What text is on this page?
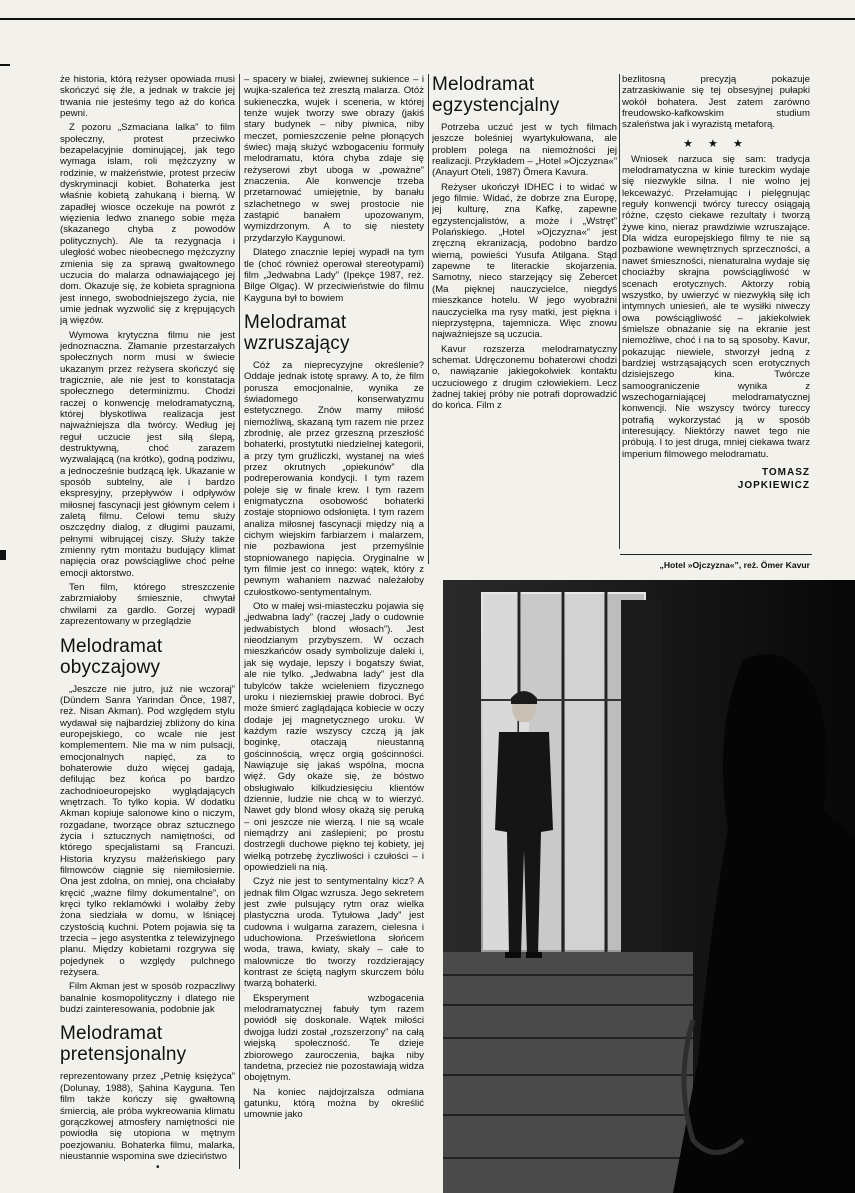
że historia, którą reżyser opowiada musi skończyć się źle, a jednak w trakcie jej trwania nie jesteśmy tego aż do końca pewni.

Z pozoru „Szmaciana lalka” to film społeczny, protest przeciwko bezapelacyjnie dominującej, jak tego wymaga islam, roli mężczyzny w rodzinie, w małżeństwie, protest przeciw dyskryminacji kobiet. Bohaterka jest właśnie kobietą zahukaną i bierną. W zapadłej wiosce oczekuje na powrót z więzienia ledwo znanego sobie męża (skazanego chyba z powodów politycznych). Ale ta rezygnacja i uległość wobec nieobecnego mężczyzny zmienia się za sprawą gwałtownego uczucia do malarza odnawiającego jej dom. Okazuje się, że kobieta spragniona jest innego, swobodniejszego życia, nie umie jednak wyzwolić się z krępujących ją więzów.

Wymowa krytyczna filmu nie jest jednoznaczna. Złamanie przestarzałych społecznych norm musi w świecie ukazanym przez reżysera skończyć się tragicznie, ale nie jest to konstatacja społecznego determinizmu. Chodzi raczej o konwencję melodramatyczną, której błyskotliwa realizacja jest najważniejsza dla twórcy. Według jej reguł uczucie jest siłą ślepą, destruktywną, choć zarazem wyzwalającą (na krótko), godną podziwu, a jednocześnie budzącą lęk. Ukazanie w sposób subtelny, ale i bardzo ekspresyjny, przepływów i odpływów miłosnej fascynacji jest głównym celem i zaletą filmu. Celowi temu służy oszczędny dialog, z długimi pauzami, pełnymi wibrującej ciszy. Służy także zmienny rytm montażu budujący klimat napięcia oraz powściągliwe choć pełne emocji aktorstwo.

Ten film, którego streszczenie zabrzmiałoby śmiesznie, chwytał chwilami za gardło. Gorzej wypadł zaprezentowany w przeglądzie

Melodramat obyczajowy

„Jeszcze nie jutro, już nie wczoraj” (Dündem Sanra Yarindan Önce, 1987, reż. Nisan Akman). Pod względem stylu wydawał się najbardziej zbliżony do kina europejskiego, co wcale nie jest komplementem. Nie ma w nim pulsacji, emocjonalnych napięć, za to bohaterowie dużo więcej gadają, defilując bez końca po bardzo zachodnioeuropejsko wyglądających wnętrzach. To tylko kopia. W dodatku Akman kopiuje salonowe kino o niczym, rozgadane, tworzące obraz sztucznego życia i sztucznych namiętności, od którego specjalistami są Francuzi. Historia kryzysu małżeńskiego pary filmowców ciągnie się niemiłosiernie. Ona jest zdolna, on mniej, ona chciałaby kręcić „ważne filmy dokumentalne”, on kręci tylko reklamówki i wolałby żeby żona siedziała w domu, w lśniącej czystością kuchni. Potem pojawia się ta trzecia – jego asystentka z telewizyjnego planu. Między kobietami rozgrywa się pojedynek o względy pulchnego reżysera.

Film Akman jest w sposób rozpaczliwy banalnie kosmopolityczny i dlatego nie budzi zainteresowania, podobnie jak

Melodramat pretensjonalny

reprezentowany przez „Petnię księżyca” (Dolunay, 1988), Şahina Kayguna. Ten film także kończy się gwałtowną śmiercią, ale próba wykreowania klimatu gorączkowej atmosfery namiętności nie powiodła się utopiona w mętnym poezjowaniu. Bohaterka filmu, malarka, nieustannie wspomina swe dzieciństwo

– spacery w białej, zwiewnej sukience – i wujka-szaleńca też zresztą malarza. Otóż sukieneczka, wujek i sceneria, w której tenże wujek tworzy swe obrazy (jakiś stary budynek – niby piwnica, niby meczet, pomieszczenie pełne płonących świec) mają służyć wzbogaceniu formuły melodramatu, która chyba zdaje się reżyserowi zbyt uboga w „poważne” znaczenia. Ale konwencje trzeba przetarnować umiejętnie, by banału szlachetnego w swej prostocie nie zastąpić banałem upozowanym, wymizdrzonym. A to się niestety przydarzyło Kaygunowi.

Dlatego znacznie lepiej wypadł na tym tle (choć również operował stereotypami) film „Jedwabna Lady” (Ipekçe 1987, reż. Bilge Olgaç). W przeciwieństwie do filmu Kayguna był to bowiem

Melodramat wzruszający

Cóż za nieprecyzyjne określenie? Oddaje jednak istotę sprawy. A to, że film porusza emocjonalnie, wynika ze świadomego konserwatyzmu estetycznego. Znów mamy miłość niemożliwą, skazaną tym razem nie przez zbrodnię, ale przez grzeszną przeszłość bohaterki, prostytutki niedzielnej kategorii, a przy tym gruźliczki, wystanej na wieś przez okrutnych „opiekunów” dla podreperowania kondycji. I tym razem poleje się w finale krew. I tym razem enigmatyczna osobowość bohaterki zostaje stopniowo odsłonięta. I tym razem analiza miłosnej fascynacji między nią a cichym wiejskim farbiarzem i malarzem, nie pozbawiona jest przemyślnie stopniowanego napięcia. Oryginalne w tym filmie jest co innego: wątek, który z pewnym wahaniem nazwać należałoby czułostkowo-sentymentalnym.

Oto w małej wsi-miasteczku pojawia się „jedwabna lady” (raczej „lady o cudownie jedwabistych blond włosach”). Jest nieodzianym przybyszem. W oczach mieszkańców osady symbolizuje daleki i, jak się wydaje, lepszy i bogatszy świat, ale nie tylko. „Jedwabna lady” jest dla tubylców także wcieleniem fizycznego uroku i nieziemskiej prawie dobroci. Być może śmierć zaglądająca kobiecie w oczy dodaje jej magnetycznego uroku. W każdym razie wszyscy czczą ją jak boginkę, otaczają nieustanną gościnnością, wręcz orgią gościnności. Nawiązuje się jakaś wspólna, mocna więź. Gdy okaże się, że bóstwo obsługiwało kilkudziesięciu klientów dziennie, ludzie nie chcą w to wierzyć. Nawet gdy blond włosy okażą się peruką – oni jeszcze nie wierzą. I nie są wcale niemądrzy ani zaślepieni; po prostu dostrzegli duchowe piękno tej kobiety, jej wielką potrzebę życzliwości i czułości – i opowiedzieli na nią.

Czyż nie jest to sentymentalny kicz? A jednak film Olgac wzrusza. Jego sekretem jest zwłe pulsujący rytm oraz wielka plastyczna uroda. Tytułowa „lady” jest cudowna i wulgarna zarazem, cielesna i uduchowiona. Prześwietlona słońcem woda, trawa, kwiaty, skały – całe to malownicze tło tworzy rozdzierający kontrast ze ściętą nagłym skurczem bólu twarzą bohaterki.

Eksperyment wzbogacenia melodramatycznej fabuły tym razem powiódł się doskonale. Wątek miłości dwojga ludzi został „rozszerzony” na całą wiejską społeczność. Te dzieje zbiorowego zauroczenia, bajka niby tandetna, przecież nie pozostawiają widza obojętnym.

Na koniec najdojrzalsza odmiana gatunku, którą można by określić umownie jako

Melodramat egzystencjalny

Potrzeba uczuć jest w tych filmach jeszcze boleśniej wyartykułowana, ale problem polega na niemożności jej realizacji. Przykładem – „Hotel »Ojczyzna«” (Anayurt Oteli, 1987) Ömera Kavura.

Reżyser ukończył IDHEC i to widać w jego filmie. Widać, że dobrze zna Europę, jej kulturę, zna Kafkę, zapewne egzystencjalistów, a może i „Wstręt” Polańskiego. „Hotel »Ojczyzna«” jest zręczną ekranizacją, podobno bardzo wierną, powieści Yusufa Atilgana. Stąd zapewne te literackie skojarzenia. Samotny, nieco starzejący się Zebercet (Ma pięknej nauczycielce, niegdyś mieszkance hotelu. W jego wyobraźni nauczycielka ma rysy matki, jest piękna i nieprzystępna, tajemnicza. Więc znowu najważniejsze są uczucia.

Kavur rozszerza melodramatyczny schemat. Udręczonemu bohaterowi chodzi o, nawiązanie jakiegokolwiek kontaktu uczuciowego z drugim człowiekiem. Lecz żadnej takiej próby nie potrafi doprowadzić do końca. Film z

bezlitosną precyzją pokazuje zatrzaskiwanie się tej obsesyjnej pułapki wokół bohatera. Jest zatem zarówno freudowsko-kafkowskim studium szaleństwa jak i wyrazistą metaforą.

★ ★ ★

Wniosek narzuca się sam: tradycja melodramatyczna w kinie tureckim wydaje się niezwykle silna. I nie wolno jej lekceważyć. Przełamując i pielęgnując reguły konwencji twórcy tureccy osiągają różne, często ciekawe rezultaty i tworzą żywe kino, nieraz prawdziwie wzruszające. Dla widza europejskiego filmy te nie są pozbawione wewnętrznych sprzeczności, a nawet śmieszności, nienaturalna wydaje się chociażby skrajna powściągliwość w scenach erotycznych. Aktorzy robią wszystko, by uwierzyć w niezwykłą siłę ich intymnych uniesień, ale te wysiłki niweczy owa powściągliwość – jakiekolwiek śmielsze obnażanie się na ekranie jest niemożliwe, choć i na to są sposoby. Kavur, pokazując niewiele, stworzył jedną z bardziej wstrząsających scen erotycznych dzisiejszego kina. Twórcze samoograniczenie wynika z wszechogarniającej melodramatycznej konwencji. Nie wszyscy twórcy tureccy potrafią wykorzystać ją w sposób interesujący. Niektórzy nawet tego nie próbują. I to jest druga, mniej ciekawa twarz imperium filmowego melodramatu.

TOMASZ
JOPKIEWICZ
„Hotel »Ojczyzna«”, reż. Ömer Kavur
•
